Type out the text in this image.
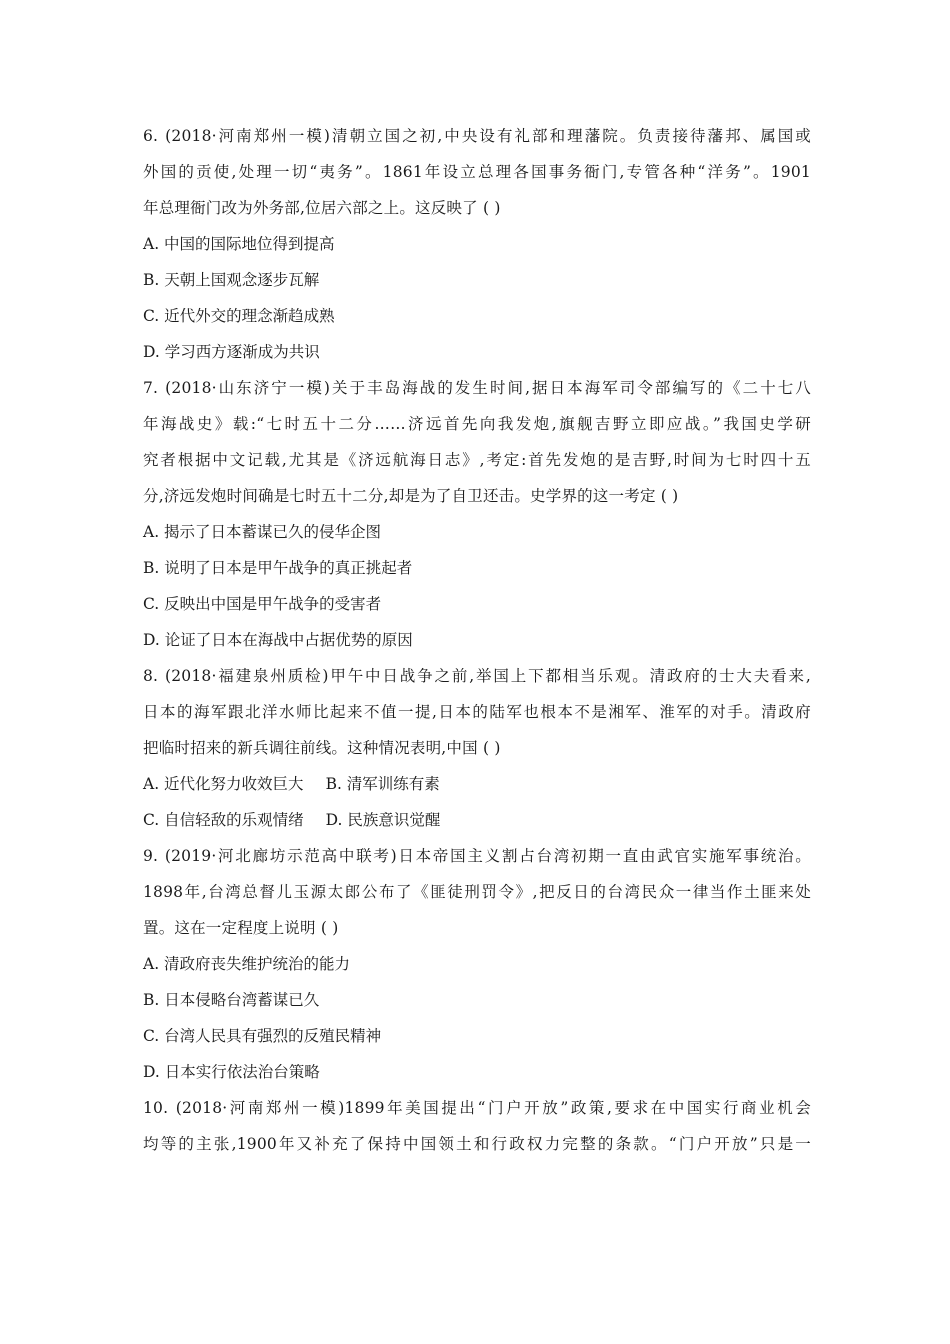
6. (2018·河南郑州一模)清朝立国之初,中央设有礼部和理藩院。负责接待藩邦、属国或
外国的贡使,处理一切“夷务”。1861年设立总理各国事务衙门,专管各种“洋务”。1901
年总理衙门改为外务部,位居六部之上。这反映了 ( )
A. 中国的国际地位得到提高
B. 天朝上国观念逐步瓦解
C. 近代外交的理念渐趋成熟
D. 学习西方逐渐成为共识
7. (2018·山东济宁一模)关于丰岛海战的发生时间,据日本海军司令部编写的《二十七八
年海战史》载:“七时五十二分……济远首先向我发炮,旗舰吉野立即应战。”我国史学研
究者根据中文记载,尤其是《济远航海日志》,考定:首先发炮的是吉野,时间为七时四十五
分,济远发炮时间确是七时五十二分,却是为了自卫还击。史学界的这一考定 ( )
A. 揭示了日本蓄谋已久的侵华企图
B. 说明了日本是甲午战争的真正挑起者
C. 反映出中国是甲午战争的受害者
D. 论证了日本在海战中占据优势的原因
8. (2018·福建泉州质检)甲午中日战争之前,举国上下都相当乐观。清政府的士大夫看来,
日本的海军跟北洋水师比起来不值一提,日本的陆军也根本不是湘军、淮军的对手。清政府
把临时招来的新兵调往前线。这种情况表明,中国 ( )
A. 近代化努力收效巨大 B. 清军训练有素
C. 自信轻敌的乐观情绪 D. 民族意识觉醒
9. (2019·河北廊坊示范高中联考)日本帝国主义割占台湾初期一直由武官实施军事统治。
1898年,台湾总督儿玉源太郎公布了《匪徒刑罚令》,把反日的台湾民众一律当作土匪来处
置。这在一定程度上说明 ( )
A. 清政府丧失维护统治的能力
B. 日本侵略台湾蓄谋已久
C. 台湾人民具有强烈的反殖民精神
D. 日本实行依法治台策略
10. (2018·河南郑州一模)1899年美国提出“门户开放”政策,要求在中国实行商业机会
均等的主张,1900年又补充了保持中国领土和行政权力完整的条款。“门户开放”只是一
